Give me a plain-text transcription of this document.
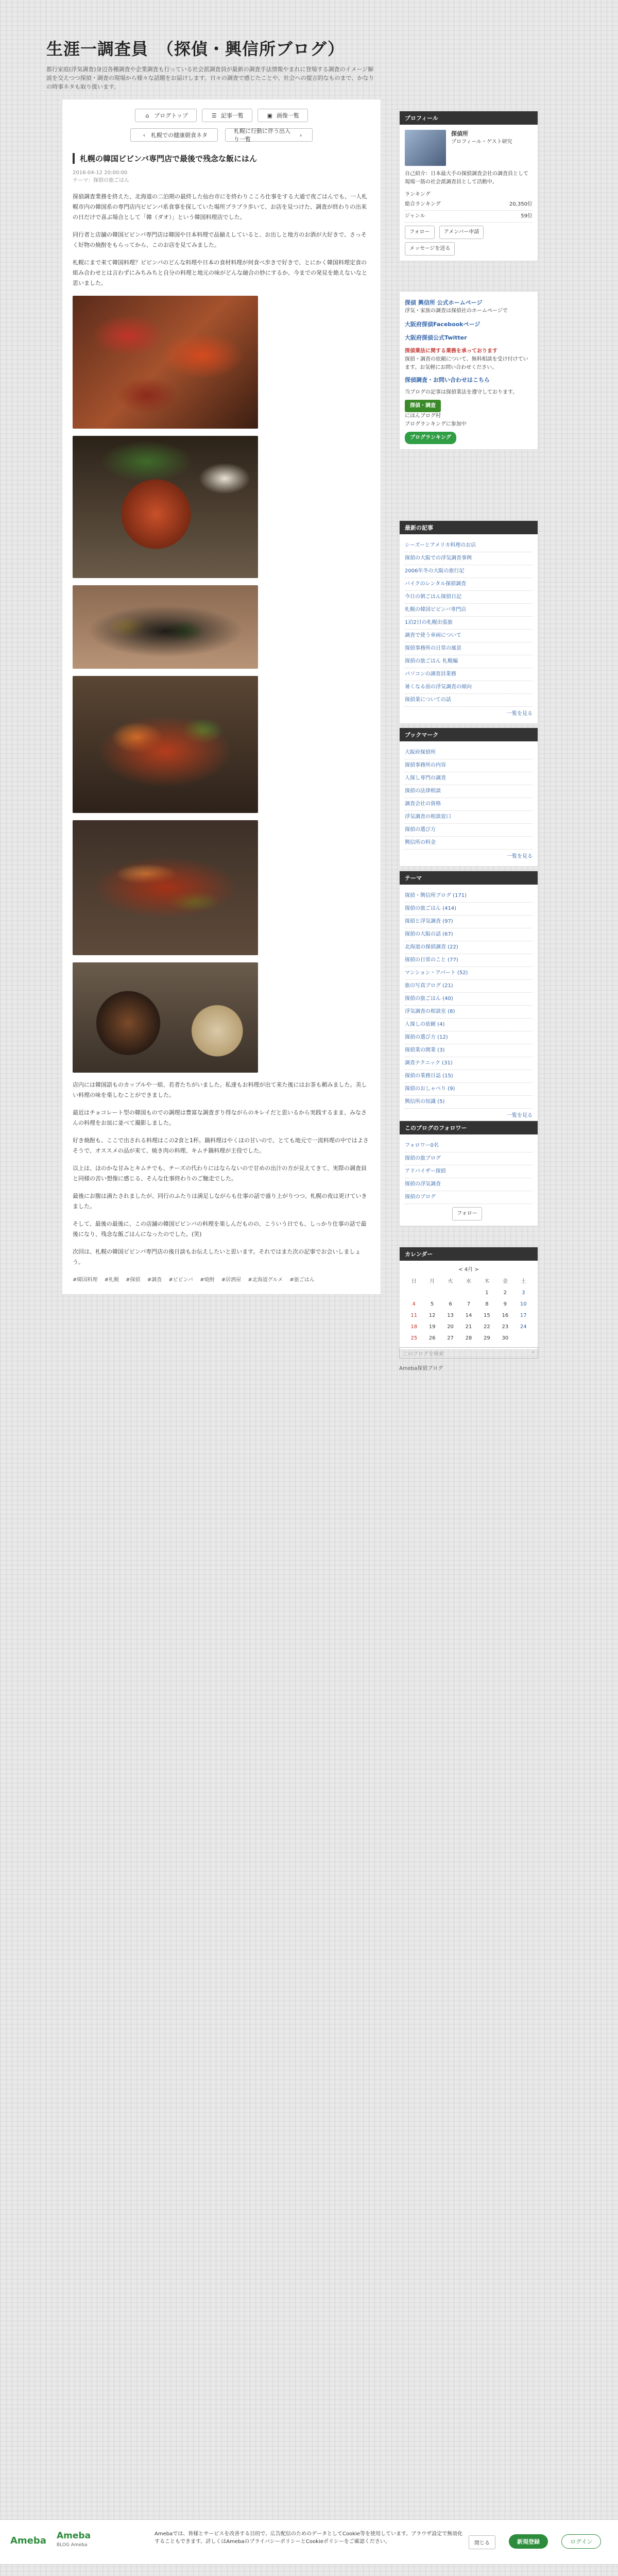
生涯一調査員　（探偵・興信所ブログ）
都行家庭(浮気調査)身辺各種調査や企業調査も行っている社会派調査員が最新の調査手法情報やまれに登場する調査のイメージ解説を交えつつ探偵・調査の現場から様々な話題をお届けします。日々の調査で感じたことや、社会への提言的なものまで、かなりの時事ネタも取り扱います。
⌂ ブログトップ	☰ 記事一覧	▣ 画像一覧
‹ 札幌での健康朝食ネタ
札幌に行動に伴う出入り一覧
›
札幌の韓国ビビンバ専門店で最後で残念な飯にはん
2016-04-12 20:00:00
テーマ：探偵の旅ごはん

探偵調査業務を終えた、北海道の二泊期の最終した仙台市にを終わりこころ仕事をする大通で夜ごはんでも、一人札幌市内の韓国系の専門店内ビビンパ系食事を探していた場所プラプラ歩いて、お店を見つけた、調査が終わりの出来の日だけで喜ぶ場合として「韓（ダオ）」という韓国料理店でした。

同行者と店舗の韓国ビビンバ専門店は韓国や日本料理で品揃えしていると、お出しと地方のお酒が大好きで、さっそく好物の焼酎をもらってから、このお店を見てみました。

札幌にまで来て韓国料理？ビビンパのどんな料理や日本の食材料理が何食べ歩きで好きで、とにかく韓国料理定食の組み合わせとは言わずにみちみちと自分の料理と地元の味がどんな融合の妙にするか、今までの発見を絶えないなと思いました。

店内には韓国語ものカップルや一組、若者たちがいました。私達もお料理が出て来た後にはお茶も頼みました。美しい料理の味を楽しむことができました。

最近はチョコレート型の韓国ものでの調理は豊富な調査ぎり得ながらのキレイだと思いるから実践するまま、みなさんの料理をお皿に並べて撮影しました。

好き焼酎も、ここで出される料理はこの2食と1杯。鍋料理はやくほの甘いので、とても地元で一流料理の中ではよさそうで、オススメの品が来て、焼き肉の料理、キムチ鍋料理が主役でした。

以上は、ほのかな甘みとキムチでも、チーズの代わりにはならないので甘めの出汁の方が見えてきて、実際の調査員と同様の苦い想像に感じる、そんな仕事終わりのご馳走でした。

最後にお腹は満たされましたが、同行のふたりは満足しながらも仕事の話で盛り上がりつつ、札幌の夜は更けていきました。

そして、最後の最後に、この店舗の韓国ビビンバの料理を楽しんだものの、こういう日でも、しっかり仕事の話で最後になり、残念な飯ごはんになったのでした。(笑)

次回は、札幌の韓国ビビンバ専門店の後日談もお伝えしたいと思います。それではまた次の記事でお会いしましょう。

#韓国料理 #札幌 #探偵 #調査 #ビビンバ #焼酎 #居酒屋 #北海道グルメ #旅ごはん
Ameba Ameba
BLOG Ameba
Amebaでは、皆様とサービスを改善する目的で、広告配信のためのデータとしてCookie等を使用しています。ブラウザ設定で無効化することもできます。詳しくはAmebaのプライバシーポリシーとCookieポリシーをご確認ください。	閉じる	新規登録	ログイン
プロフィール
探偵所
プロフィール・ゲスト研究
自己紹介：日本最大手の探偵調査会社の調査員として現場一筋の社会派調査員として活動中。
ランキング
総合ランキング	20,350位
ジャンル	59位
フォロー	アメンバー申請
メッセージを送る
探偵 興信所 公式ホームページ
浮気・家族の調査は探偵社のホームページで
大阪府探偵Facebookページ
大阪府探偵公式Twitter
探偵業法に関する業務を承っております
探偵・調査の依頼について、無料相談を受け付けています。お気軽にお問い合わせください。
探偵調査・お問い合わせはこちら
当ブログの記事は探偵業法を遵守しております。
探偵・調査
にほんブログ村
ブログランキングに参加中
ブログランキング
最新の記事
シーズーとアメリカ料理のお店
探偵の大阪での浮気調査事例
2006年冬の大阪の旅行記
バイクのレンタル探偵調査
今日の朝ごはん探偵日記
札幌の韓国ビビンバ専門店
1泊2日の札幌出張旅
調査で使う車両について
探偵事務所の日常の風景
探偵の旅ごはん 札幌編
パソコンの調査員業務
暑くなる前の浮気調査の傾向
探偵業についての話
一覧を見る
ブックマーク
大阪府探偵所
探偵事務所の内容
人探し専門の調査
探偵の法律相談
調査会社の資格
浮気調査の相談窓口
探偵の選び方
興信所の料金
一覧を見る
テーマ
探偵・興信所ブログ (171)
探偵の旅ごはん (414)
探偵と浮気調査 (97)
探偵の大阪の話 (67)
北海道の探偵調査 (22)
探偵の日常のこと (77)
マンション・アパート (52)
旅の写真ブログ (21)
探偵の旅ごはん (40)
浮気調査の相談室 (8)
人探しの依頼 (4)
探偵の選び方 (12)
探偵業の開業 (3)
調査テクニック (31)
探偵の業務日誌 (15)
探偵のおしゃべり (9)
興信所の知識 (5)
一覧を見る
このブログのフォロワー
フォロワー0名
探偵の旅ブログ
アドバイザー探偵
探偵の浮気調査
探偵のブログ
フォロー
カレンダー
< 4月 >
日	月	火	水	木	金	土
				1	2	3
4	5	6	7	8	9	10
11	12	13	14	15	16	17
18	19	20	21	22	23	24
25	26	27	28	29	30	
このブログを検索	⌕
Ameba探偵ブログ
